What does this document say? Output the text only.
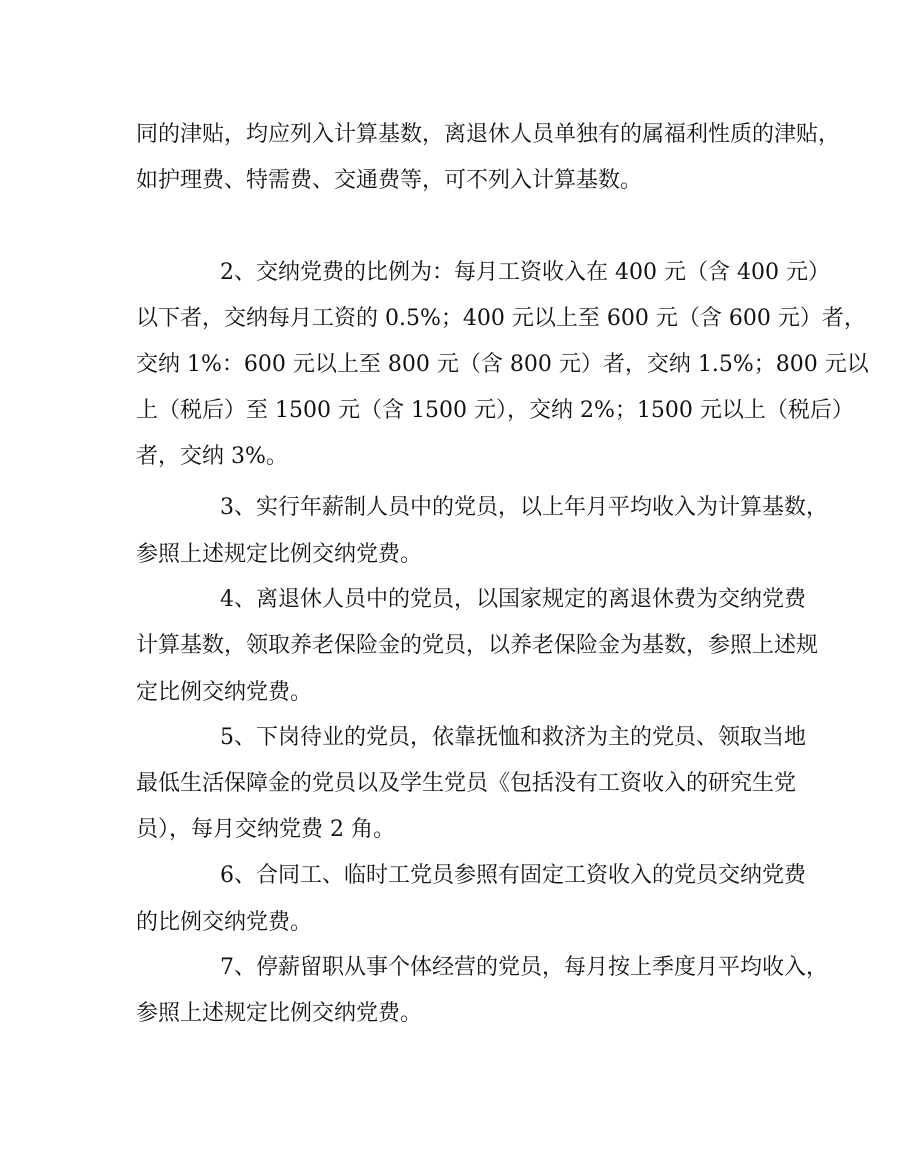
同的津贴，均应列入计算基数，离退休人员单独有的属福利性质的津贴，
如护理费、特需费、交通费等，可不列入计算基数。
2、交纳党费的比例为：每月工资收入在 400 元（含 400 元）
以下者，交纳每月工资的 0.5%；400 元以上至 600 元（含 600 元）者，
交纳 1%：600 元以上至 800 元（含 800 元）者，交纳 1.5%；800 元以
上（税后）至 1500 元（含 1500 元），交纳 2%；1500 元以上（税后）
者，交纳 3%。
3、实行年薪制人员中的党员，以上年月平均收入为计算基数，
参照上述规定比例交纳党费。
4、离退休人员中的党员，以国家规定的离退休费为交纳党费
计算基数，领取养老保险金的党员，以养老保险金为基数，参照上述规
定比例交纳党费。
5、下岗待业的党员，依靠抚恤和救济为主的党员、领取当地
最低生活保障金的党员以及学生党员《包括没有工资收入的研究生党
员），每月交纳党费 2 角。
6、合同工、临时工党员参照有固定工资收入的党员交纳党费
的比例交纳党费。
7、停薪留职从事个体经营的党员，每月按上季度月平均收入，
参照上述规定比例交纳党费。
